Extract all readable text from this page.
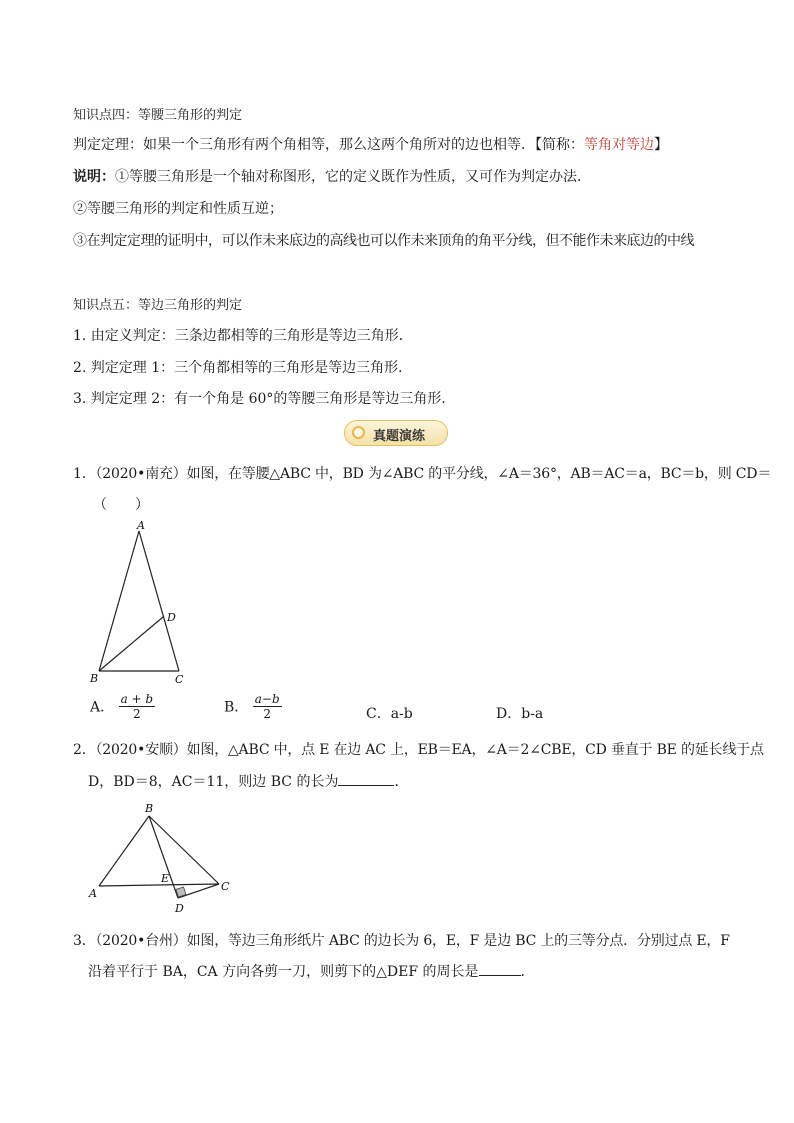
知识点四：等腰三角形的判定
判定定理：如果一个三角形有两个角相等，那么这两个角所对的边也相等．【简称：等角对等边】
说明：①等腰三角形是一个轴对称图形，它的定义既作为性质，又可作为判定办法．
②等腰三角形的判定和性质互逆；
③在判定定理的证明中，可以作未来底边的高线也可以作未来顶角的角平分线，但不能作未来底边的中线
知识点五：等边三角形的判定
1. 由定义判定：三条边都相等的三角形是等边三角形．
2. 判定定理 1：三个角都相等的三角形是等边三角形．
3. 判定定理 2：有一个角是 60°的等腰三角形是等边三角形．
真题演练
1．（2020•南充）如图，在等腰△ABC 中，BD 为∠ABC 的平分线，∠A＝36°，AB＝AC＝a，BC＝b，则 CD＝
（　　）
A
B	C
D
A． $\frac{a + b}{2}$	B． $\frac{a-b}{2}$	C．a-b	D．b-a
2．（2020•安顺）如图，△ABC 中，点 E 在边 AC 上，EB＝EA，∠A＝2∠CBE，CD 垂直于 BE 的延长线于点
D，BD＝8，AC＝11，则边 BC 的长为	．
B
A
C
D
E
3．（2020•台州）如图，等边三角形纸片 ABC 的边长为 6，E，F 是边 BC 上的三等分点．分别过点 E，F
沿着平行于 BA，CA 方向各剪一刀，则剪下的△DEF 的周长是	．
